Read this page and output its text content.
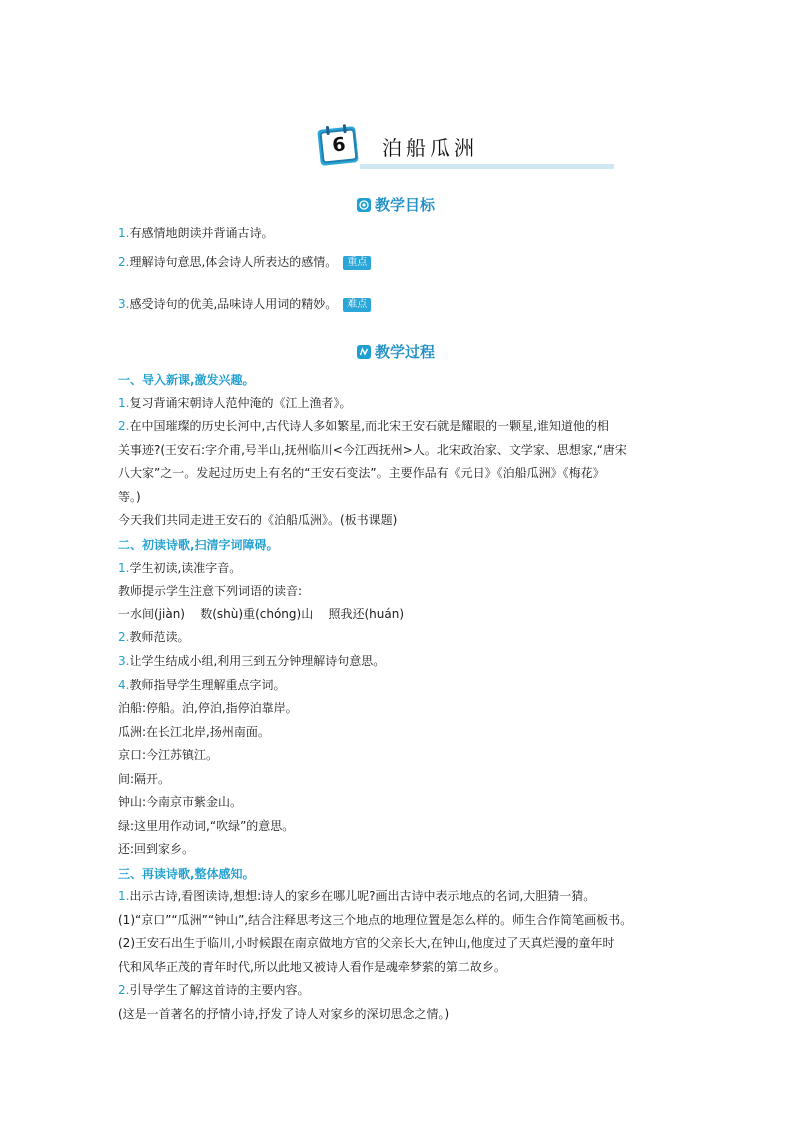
6	泊船瓜洲
教学目标
1.有感情地朗读并背诵古诗。
2.理解诗句意思,体会诗人所表达的感情。 重点
3.感受诗句的优美,品味诗人用词的精妙。 难点
教学过程
一、导入新课,激发兴趣。
1.复习背诵宋朝诗人范仲淹的《江上渔者》。
2.在中国璀璨的历史长河中,古代诗人多如繁星,而北宋王安石就是耀眼的一颗星,谁知道他的相
关事迹?(王安石:字介甫,号半山,抚州临川<今江西抚州>人。北宋政治家、文学家、思想家,“唐宋
八大家”之一。发起过历史上有名的“王安石变法”。主要作品有《元日》《泊船瓜洲》《梅花》
等。)
今天我们共同走进王安石的《泊船瓜洲》。(板书课题)
二、初读诗歌,扫清字词障碍。
1.学生初读,读准字音。
教师提示学生注意下列词语的读音:
一水间(jiàn)    数(shù)重(chóng)山    照我还(huán)
2.教师范读。
3.让学生结成小组,利用三到五分钟理解诗句意思。
4.教师指导学生理解重点字词。
泊船:停船。泊,停泊,指停泊靠岸。
瓜洲:在长江北岸,扬州南面。
京口:今江苏镇江。
间:隔开。
钟山:今南京市紫金山。
绿:这里用作动词,“吹绿”的意思。
还:回到家乡。
三、再读诗歌,整体感知。
1.出示古诗,看图读诗,想想:诗人的家乡在哪儿呢?画出古诗中表示地点的名词,大胆猜一猜。
(1)“京口”“瓜洲”“钟山”,结合注释思考这三个地点的地理位置是怎么样的。师生合作简笔画板书。
(2)王安石出生于临川,小时候跟在南京做地方官的父亲长大,在钟山,他度过了天真烂漫的童年时
代和风华正茂的青年时代,所以此地又被诗人看作是魂牵梦萦的第二故乡。
2.引导学生了解这首诗的主要内容。
(这是一首著名的抒情小诗,抒发了诗人对家乡的深切思念之情。)
